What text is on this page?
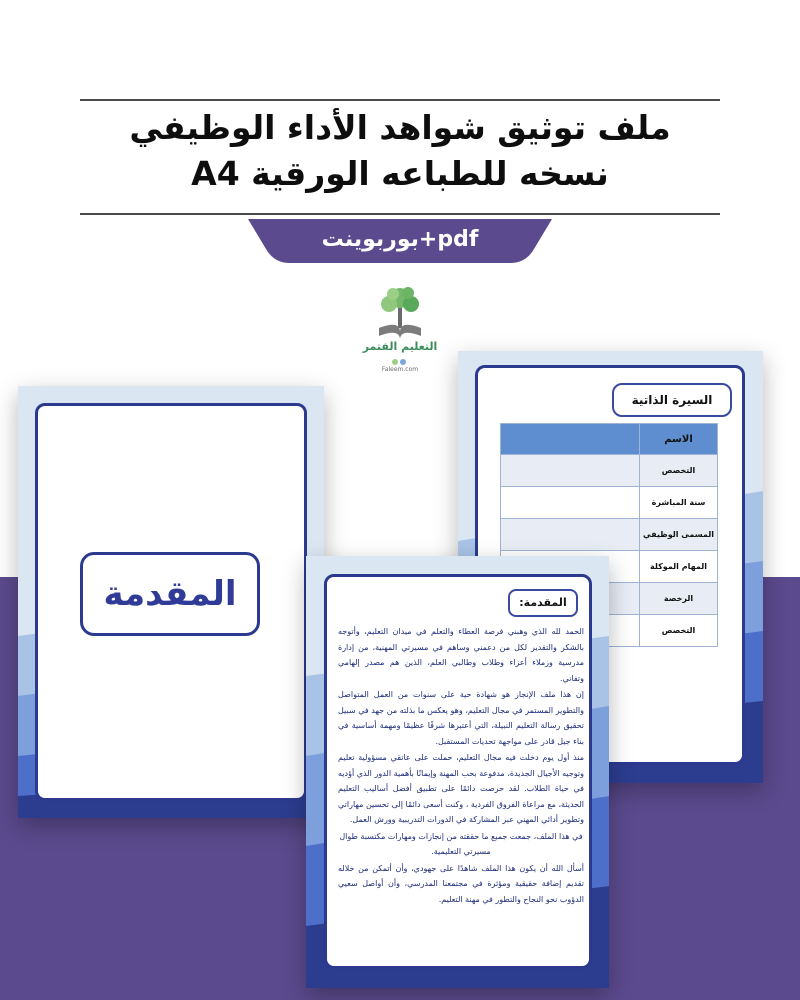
ملف توثيق شواهد الأداء الوظيفي
نسخه للطباعه الورقية A4
بوربوينت+pdf
التعليم الفتمر
Faleem.com
السيرة الذاتية
الاسم	
التخصص	
سنة المباشرة	
المسمى الوظيفي	
المهام الموكلة	
الرخصة	
التخصص	
المقدمة	المقدمة:

الحمد لله الذي وهبني فرصة العطاء والتعلم في ميدان التعليم، وأتوجه بالشكر والتقدير لكل من دعمني وساهم في مسيرتي المهنية، من إدارة مدرسية وزملاء أعزاء وطلاب وطالبي العلم، الذين هم مصدر إلهامي وتفاني.

إن هذا ملف الإنجاز هو شهادة حية على سنوات من العمل المتواصل والتطوير المستمر في مجال التعليم، وهو يعكس ما بذلته من جهد في سبيل تحقيق رسالة التعليم النبيلة، التي أعتبرها شرفًا عظيمًا ومهمة أساسية في بناء جيل قادر على مواجهة تحديات المستقبل.

منذ أول يوم دخلت فيه مجال التعليم، حملت على عاتقي مسؤولية تعليم وتوجيه الأجيال الجديدة، مدفوعة بحب المهنة وإيمانًا بأهمية الدور الذي أؤديه في حياة الطلاب. لقد حرصت دائمًا على تطبيق أفضل أساليب التعليم الحديثة، مع مراعاة الفروق الفردية ، وكنت أسعى دائمًا إلى تحسين مهاراتي وتطوير أدائي المهني عبر المشاركة في الدورات التدريبية وورش العمل.

في هذا الملف، جمعت جميع ما حققته من إنجازات ومهارات مكتسبة طوال مسيرتي التعليمية.

أسأل الله أن يكون هذا الملف شاهدًا على جهودي، وأن أتمكن من خلاله تقديم إضافة حقيقية ومؤثرة في مجتمعنا المدرسي، وأن أواصل سعيي الدؤوب نحو النجاح والتطور في مهنة التعليم.
